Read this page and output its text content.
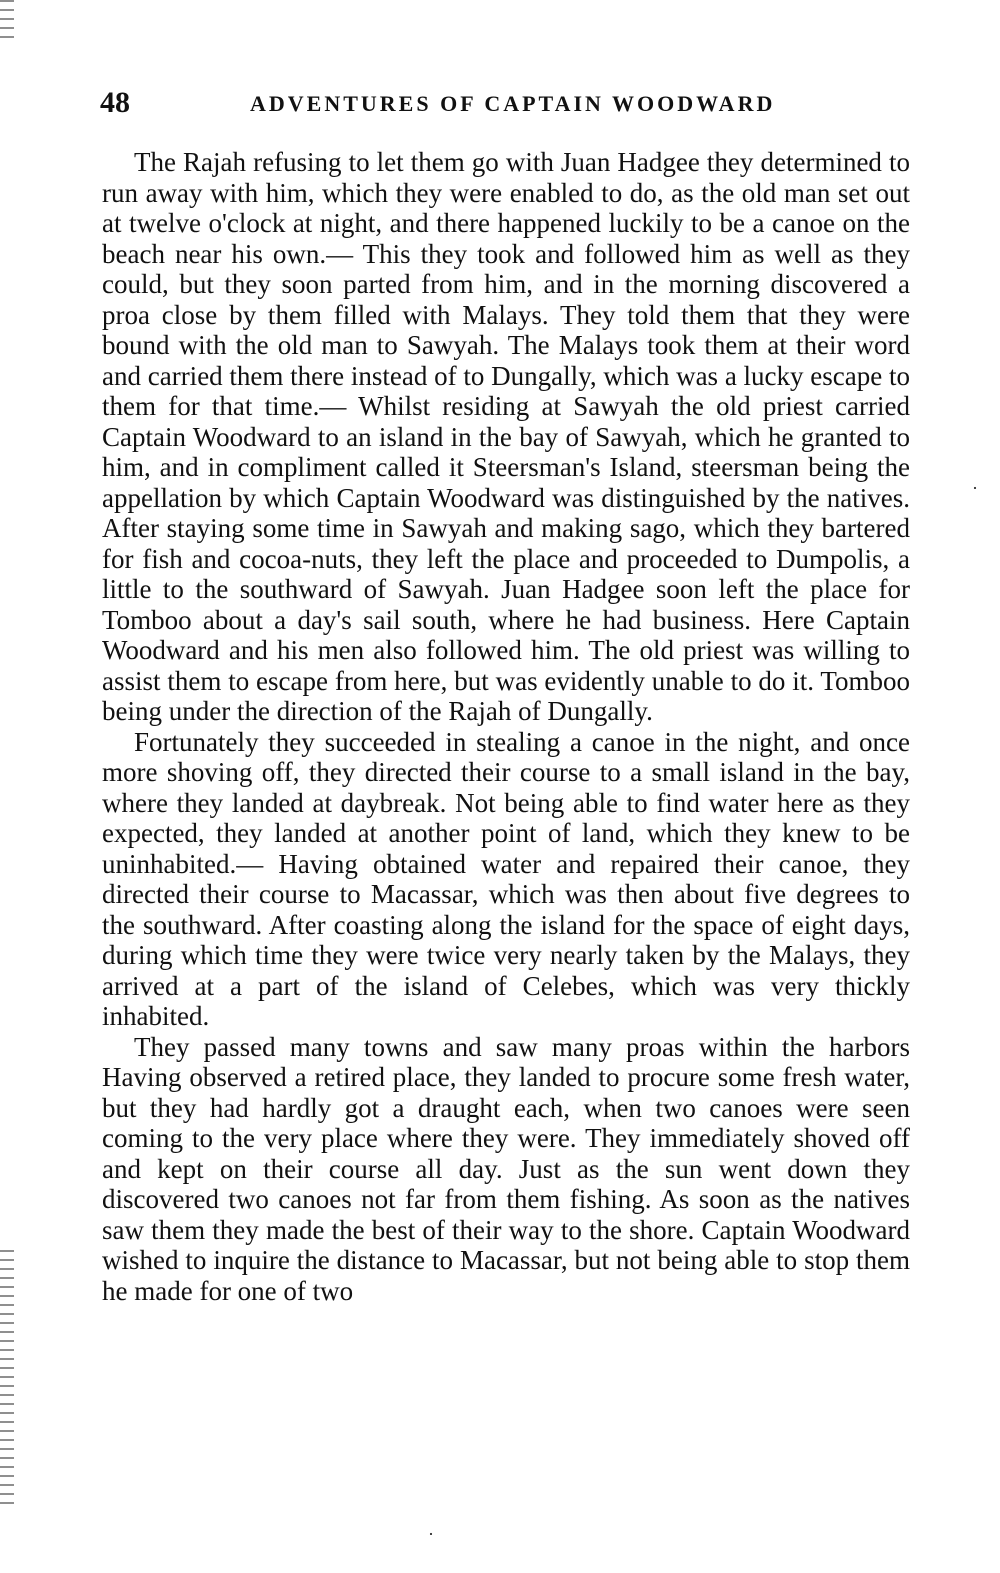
48	ADVENTURES OF CAPTAIN WOODWARD

The Rajah refusing to let them go with Juan Hadgee they determined to run away with him, which they were enabled to do, as the old man set out at twelve o'clock at night, and there happened luckily to be a canoe on the beach near his own.— This they took and followed him as well as they could, but they soon parted from him, and in the morning discovered a proa close by them filled with Malays. They told them that they were bound with the old man to Sawyah. The Malays took them at their word and carried them there instead of to Dungally, which was a lucky escape to them for that time.— Whilst residing at Sawyah the old priest carried Captain Woodward to an island in the bay of Sawyah, which he granted to him, and in compliment called it Steersman's Island, steersman being the appellation by which Captain Woodward was distinguished by the natives. After staying some time in Sawyah and making sago, which they bartered for fish and cocoa-nuts, they left the place and proceeded to Dumpolis, a little to the southward of Sawyah. Juan Hadgee soon left the place for Tomboo about a day's sail south, where he had business. Here Captain Woodward and his men also followed him. The old priest was willing to assist them to escape from here, but was evidently unable to do it. Tomboo being under the direction of the Rajah of Dungally.

Fortunately they succeeded in stealing a canoe in the night, and once more shoving off, they directed their course to a small island in the bay, where they landed at daybreak. Not being able to find water here as they expected, they landed at another point of land, which they knew to be uninhabited.— Having obtained water and repaired their canoe, they directed their course to Macassar, which was then about five degrees to the southward. After coasting along the island for the space of eight days, during which time they were twice very nearly taken by the Malays, they arrived at a part of the island of Celebes, which was very thickly inhabited.

They passed many towns and saw many proas within the harbors Having observed a retired place, they landed to procure some fresh water, but they had hardly got a draught each, when two canoes were seen coming to the very place where they were. They immediately shoved off and kept on their course all day. Just as the sun went down they discovered two canoes not far from them fishing. As soon as the natives saw them they made the best of their way to the shore. Captain Woodward wished to inquire the distance to Macassar, but not being able to stop them he made for one of two

·
·
